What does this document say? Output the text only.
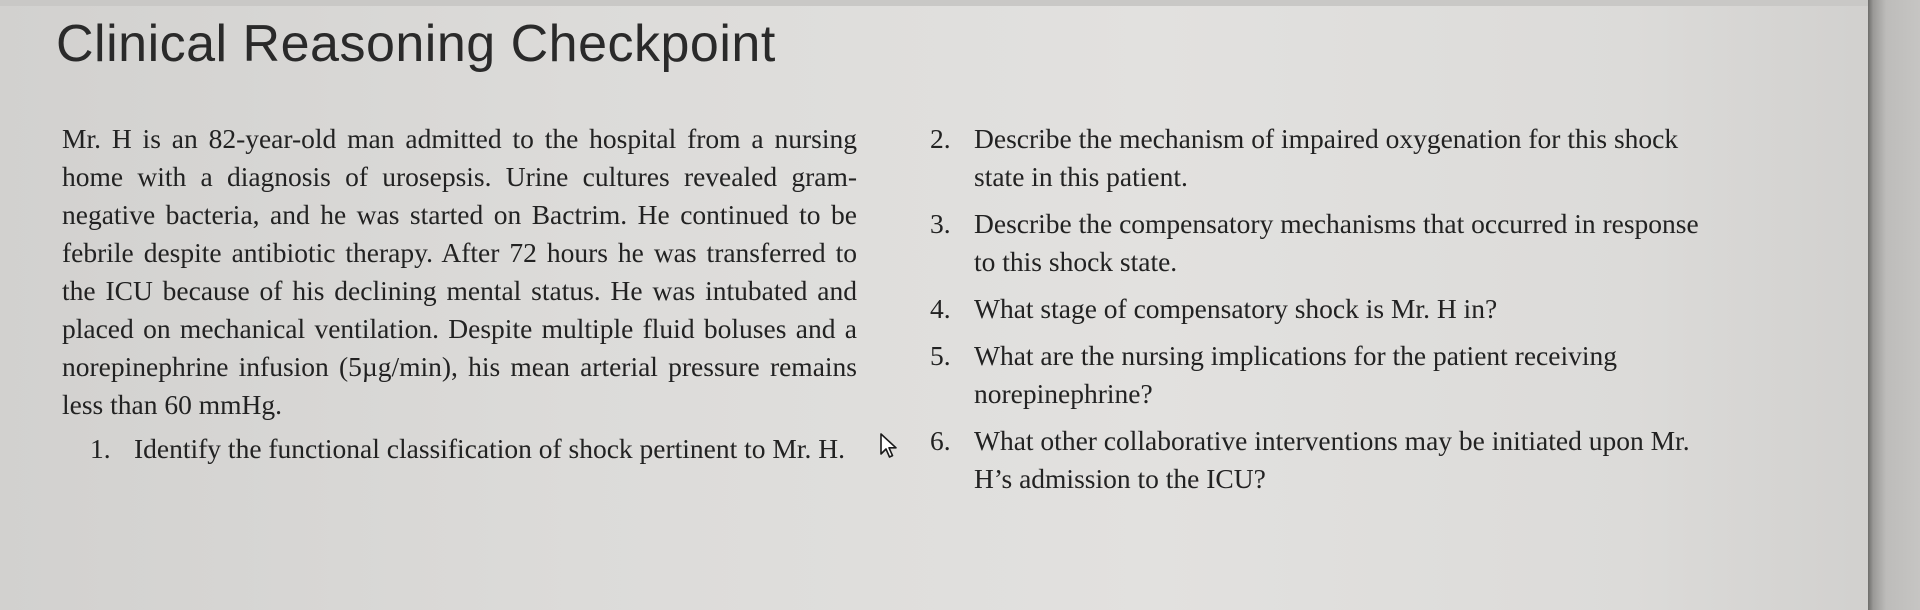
Clinical Reasoning Checkpoint

Mr. H is an 82-year-old man admitted to the hospital from a nursing home with a diagnosis of urosepsis. Urine cultures revealed gram-negative bacteria, and he was started on Bactrim. He continued to be febrile despite antibiotic therapy. After 72 hours he was transferred to the ICU because of his declining mental status. He was intubated and placed on mechanical ventilation. Despite multiple fluid boluses and a norepinephrine infusion (5µg/min), his mean arterial pressure remains less than 60 mmHg.

1. Identify the functional classification of shock pertinent to Mr. H.
2. Describe the mechanism of impaired oxygenation for this shock state in this patient.
3. Describe the compensatory mechanisms that occurred in response to this shock state.
4. What stage of compensatory shock is Mr. H in?
5. What are the nursing implications for the patient receiving norepinephrine?
6. What other collaborative interventions may be initiated upon Mr. H’s admission to the ICU?
